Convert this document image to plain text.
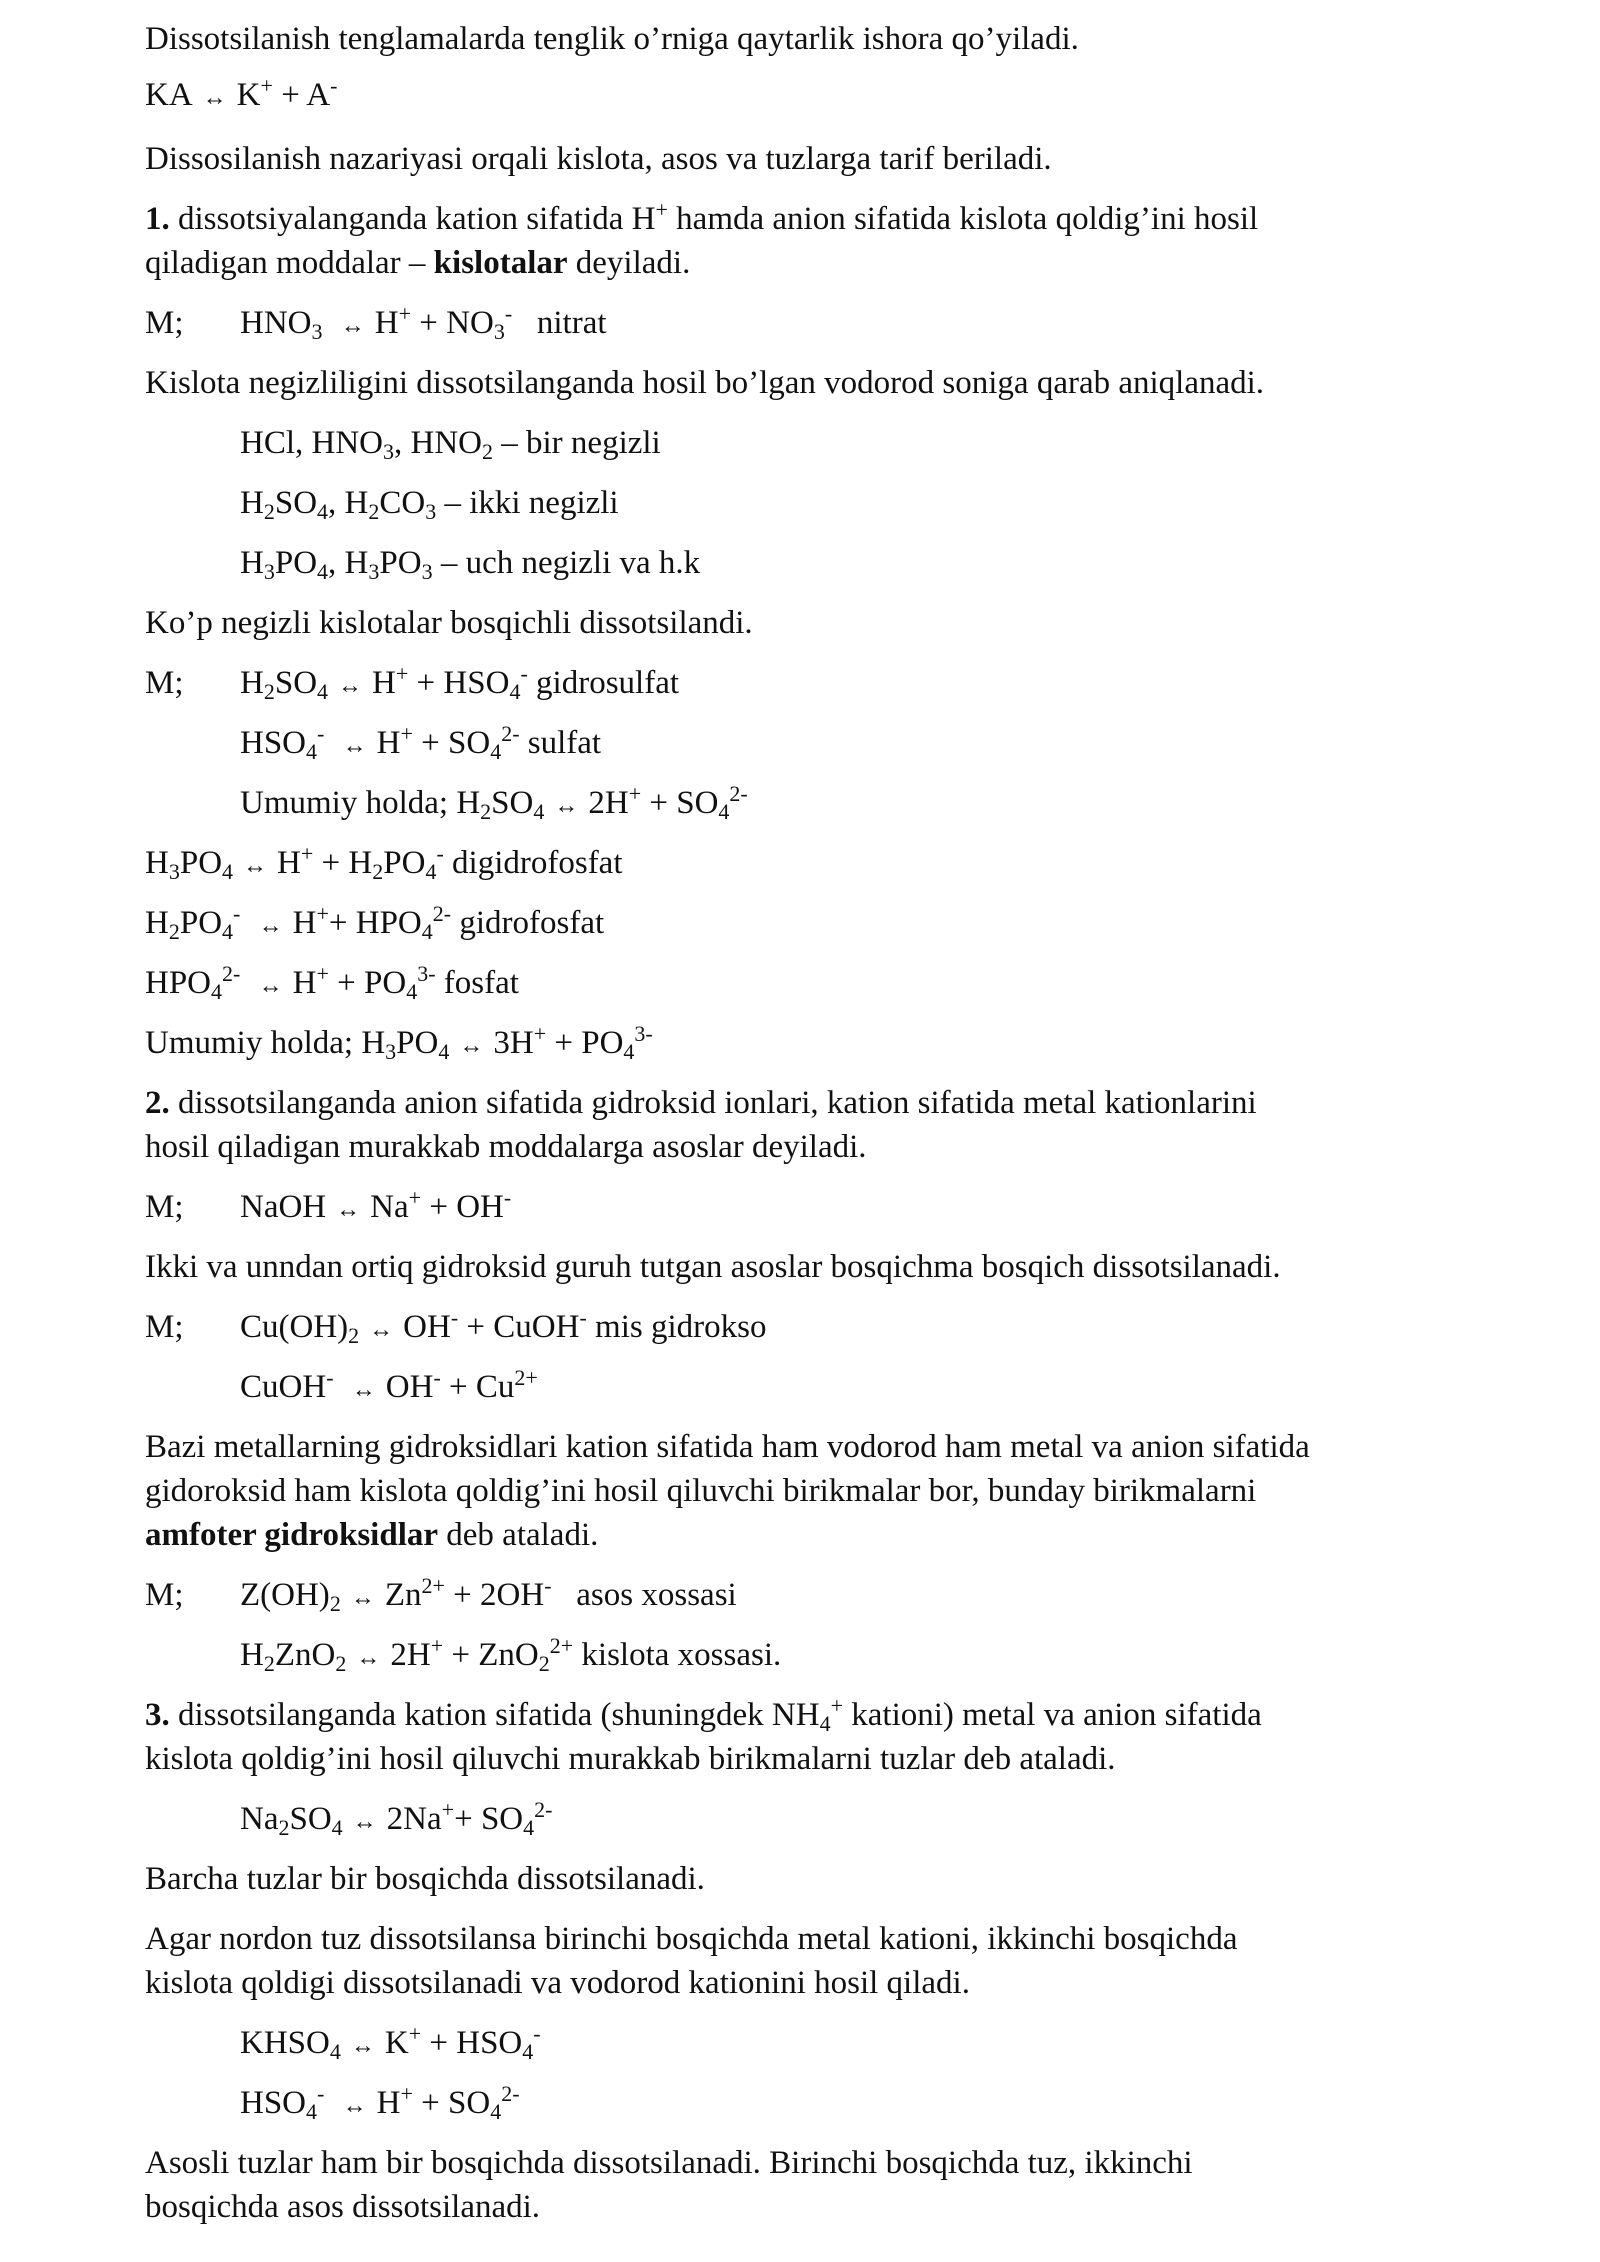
Dissotsilanish tenglamalarda tenglik o’rniga qaytarlik ishora qo’yiladi.
KA ↔ K+ + A-
Dissosilanish nazariyasi orqali kislota, asos va tuzlarga tarif beriladi.
1. dissotsiyalanganda kation sifatida H+ hamda anion sifatida kislota qoldig’ini hosil
qiladigan moddalar – kislotalar deyiladi.
M; $HNO_3$ ↔ $H^+ + NO_3^-$ nitrat
Kislota negizliligini dissotsilanganda hosil bo’lgan vodorod soniga qarab aniqlanadi.
HCl, $HNO_3$, $HNO_2$ – bir negizli
$H_2SO_4$, $H_2CO_3$ – ikki negizli
$H_3PO_4$, $H_3PO_3$ – uch negizli va h.k
Ko’p negizli kislotalar bosqichli dissotsilandi.
M; $H_2SO_4$ ↔ $H^+ + HSO_4^-$ gidrosulfat
$HSO_4^-$ ↔ $H^+ + SO_4^{2-}$ sulfat
Umumiy holda; $H_2SO_4$ ↔ $2H^+ + SO_4^{2-}$
$H_3PO_4$ ↔ $H^+ + H_2PO_4^-$ digidrofosfat
$H_2PO_4^-$ ↔ $H^++ HPO_4^{2-}$ gidrofosfat
$HPO_4^{2-}$ ↔ $H^+ + PO_4^{3-}$ fosfat
Umumiy holda; $H_3PO_4$ ↔ $3H^+ + PO_4^{3-}$
2. dissotsilanganda anion sifatida gidroksid ionlari, kation sifatida metal kationlarini
hosil qiladigan murakkab moddalarga asoslar deyiladi.
M; NaOH ↔ Na+ + OH-
Ikki va unndan ortiq gidroksid guruh tutgan asoslar bosqichma bosqich dissotsilanadi.
M; $Cu(OH)_2$ ↔ OH- + CuOH- mis gidrokso
CuOH- ↔ $OH^- + Cu^{2+}$
Bazi metallarning gidroksidlari kation sifatida ham vodorod ham metal va anion sifatida
gidoroksid ham kislota qoldig’ini hosil qiluvchi birikmalar bor, bunday birikmalarni
amfoter gidroksidlar deb ataladi.
M; $Z(OH)_2$ ↔ $Zn^{2+} + 2OH^-$ asos xossasi
$H_2ZnO_2$ ↔ 2H+ + ZnO$_2^{2+}$ kislota xossasi.
3. dissotsilanganda kation sifatida (shuningdek $NH_4^+$ kationi) metal va anion sifatida
kislota qoldig’ini hosil qiluvchi murakkab birikmalarni tuzlar deb ataladi.
$Na_2SO_4$ ↔ $2Na^++ SO_4^{2-}$
Barcha tuzlar bir bosqichda dissotsilanadi.
Agar nordon tuz dissotsilansa birinchi bosqichda metal kationi, ikkinchi bosqichda
kislota qoldigi dissotsilanadi va vodorod kationini hosil qiladi.
$KHSO_4$ ↔ $K^+ + HSO_4^-$
$HSO_4^-$ ↔ $H^+ + SO_4^{2-}$
Asosli tuzlar ham bir bosqichda dissotsilanadi. Birinchi bosqichda tuz, ikkinchi
bosqichda asos dissotsilanadi.
